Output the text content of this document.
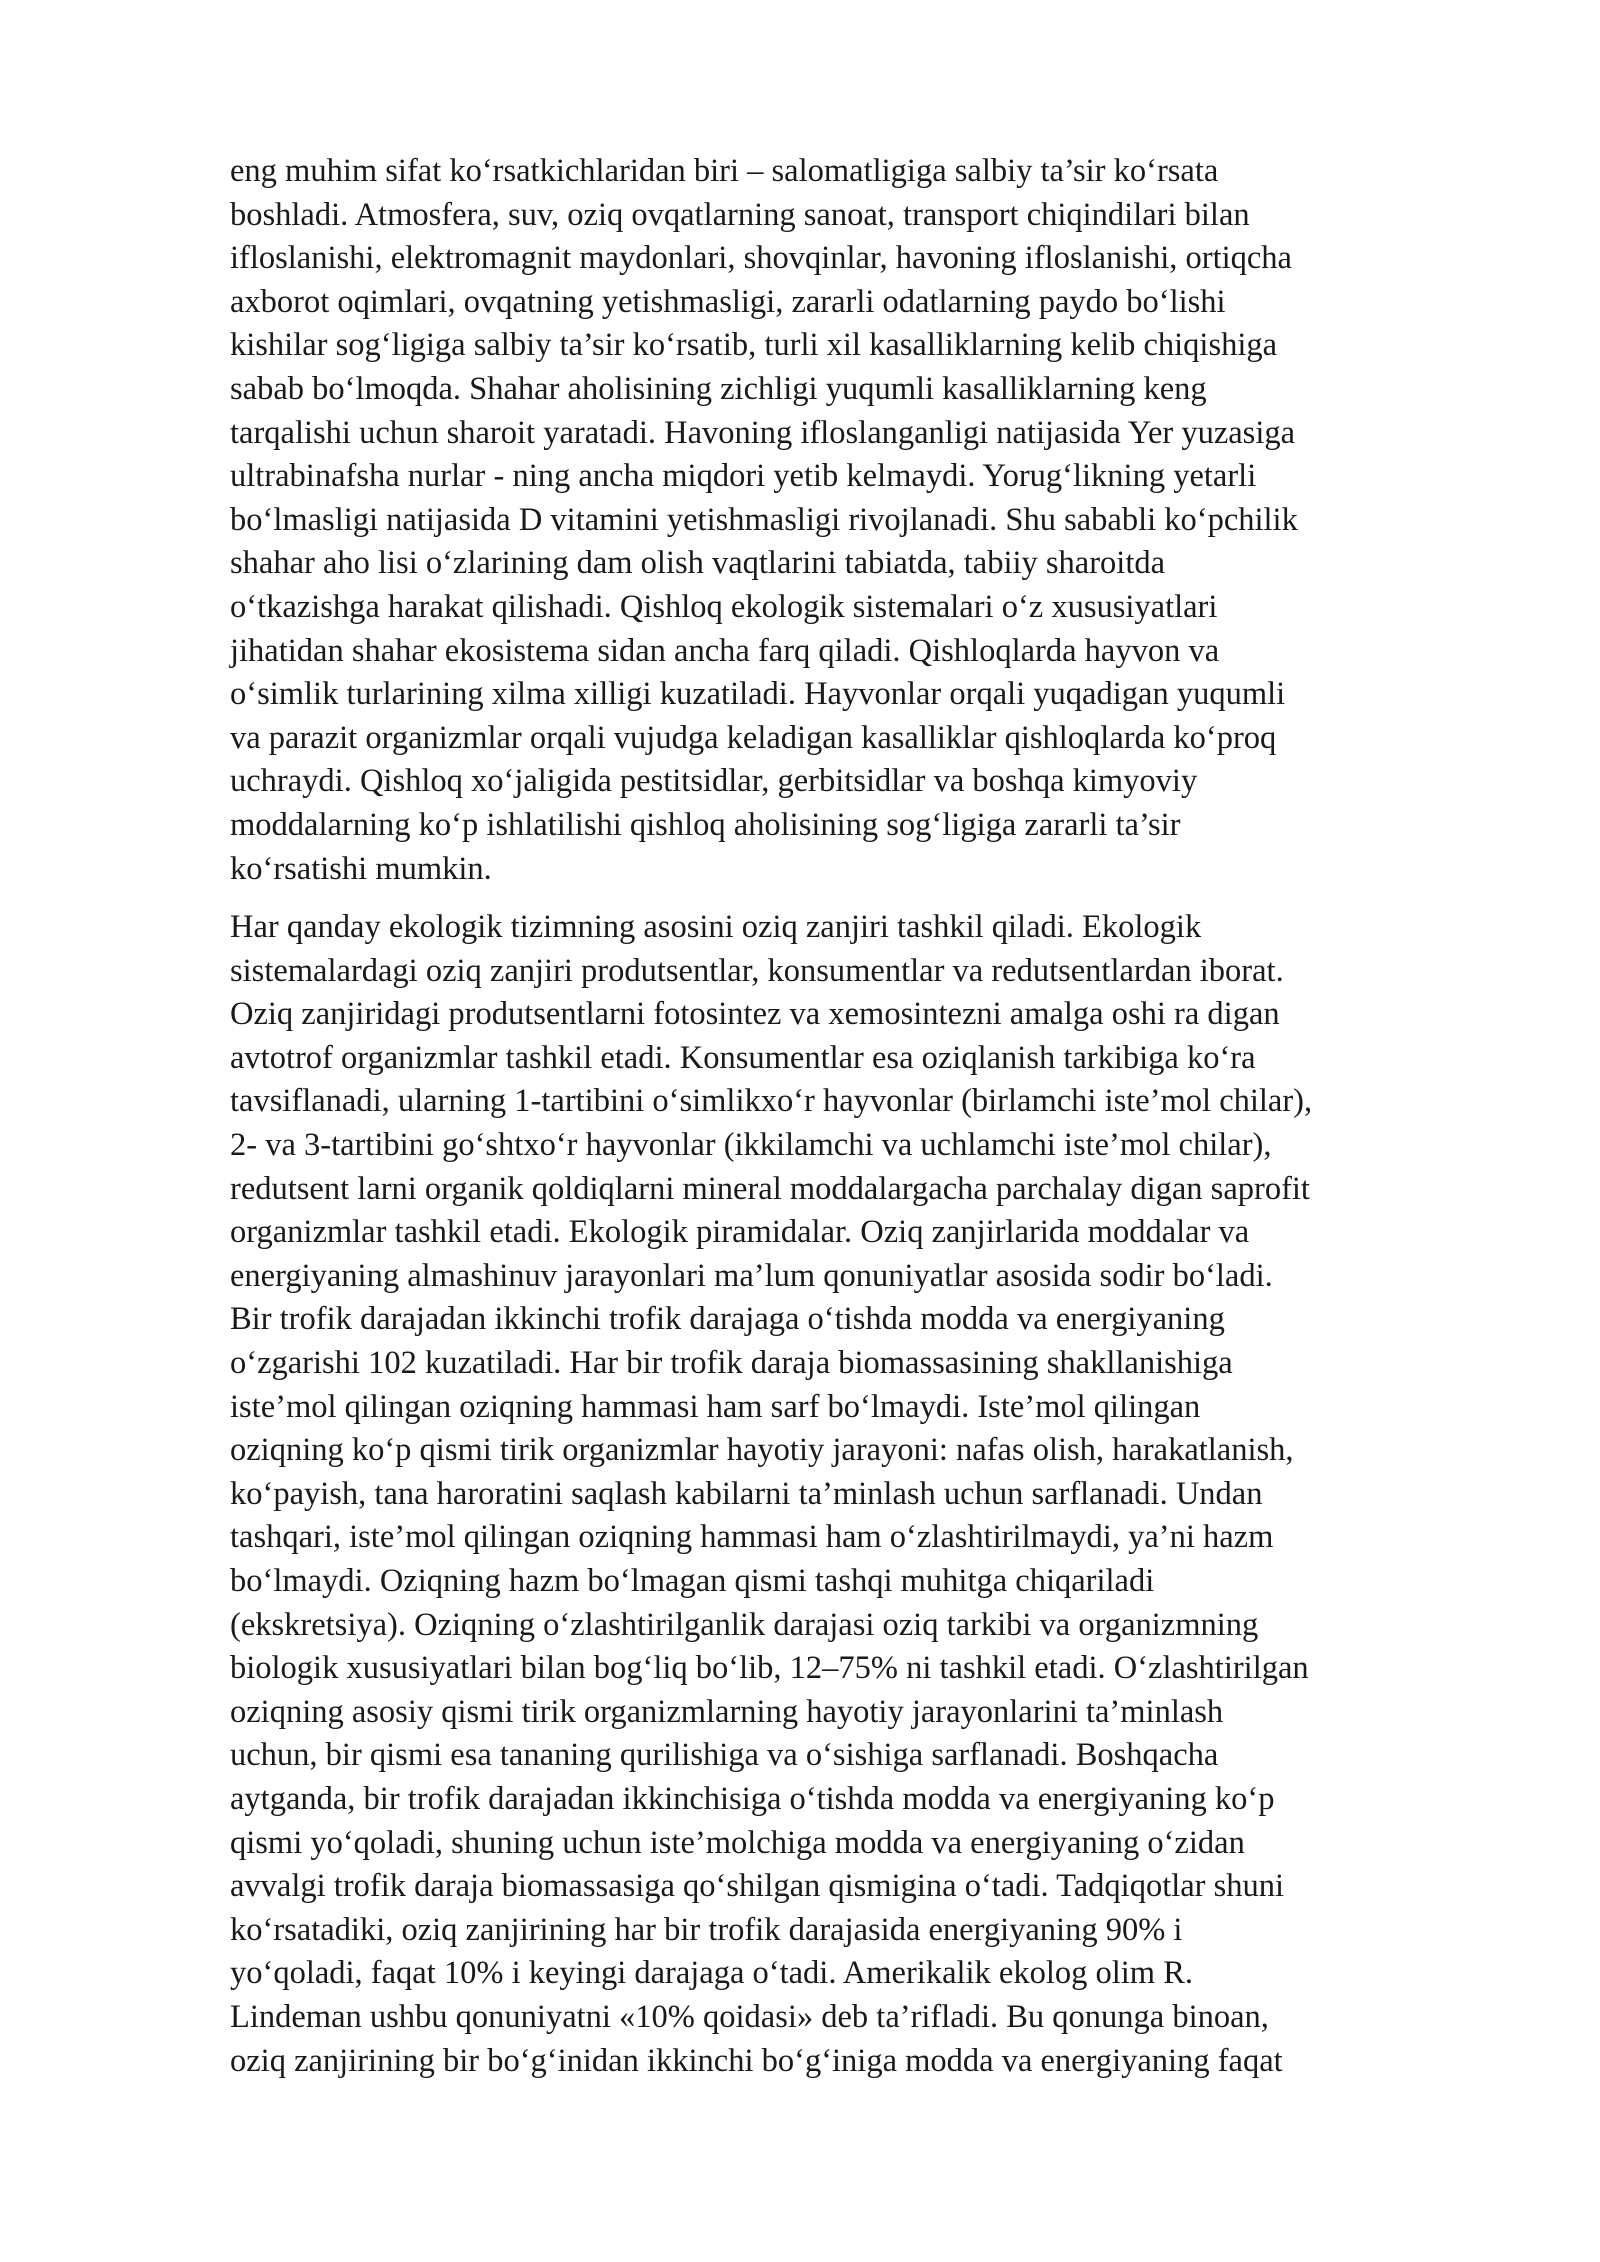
eng muhim sifat ko‘rsatkichlaridan biri – salomatligiga salbiy ta’sir ko‘rsata
boshladi. Atmosfera, suv, oziq ovqatlarning sanoat, transport chiqindilari bilan
ifloslanishi, elektromagnit maydonlari, shovqinlar, havoning ifloslanishi, ortiqcha
axborot oqimlari, ovqatning yetishmasligi, zararli odatlarning paydo bo‘lishi
kishilar sog‘ligiga salbiy ta’sir ko‘rsatib, turli xil kasalliklarning kelib chiqishiga
sabab bo‘lmoqda. Shahar aholisining zichligi yuqumli kasalliklarning keng
tarqalishi uchun sharoit yaratadi. Havoning ifloslanganligi natijasida Yer yuzasiga
ultrabinafsha nurlar - ning ancha miqdori yetib kelmaydi. Yorug‘likning yetarli
bo‘lmasligi natijasida D vitamini yetishmasligi rivojlanadi. Shu sababli ko‘pchilik
shahar aho lisi o‘zlarining dam olish vaqtlarini tabiatda, tabiiy sharoitda
o‘tkazishga harakat qilishadi. Qishloq ekologik sistemalari o‘z xususiyatlari
jihatidan shahar ekosistema sidan ancha farq qiladi. Qishloqlarda hayvon va
o‘simlik turlarining xilma xilligi kuzatiladi. Hayvonlar orqali yuqadigan yuqumli
va parazit organizmlar orqali vujudga keladigan kasalliklar qishloqlarda ko‘proq
uchraydi. Qishloq xo‘jaligida pestitsidlar, gerbitsidlar va boshqa kimyoviy
moddalarning ko‘p ishlatilishi qishloq aholisining sog‘ligiga zararli ta’sir
ko‘rsatishi mumkin.

Har qanday ekologik tizimning asosini oziq zanjiri tashkil qiladi. Ekologik
sistemalardagi oziq zanjiri produtsentlar, konsumentlar va redutsentlardan iborat.
Oziq zanjiridagi produtsentlarni fotosintez va xemosintezni amalga oshi ra digan
avtotrof organizmlar tashkil etadi. Konsumentlar esa oziqlanish tarkibiga ko‘ra
tavsiflanadi, ularning 1-tartibini o‘simlikxo‘r hayvonlar (birlamchi iste’mol chilar),
2- va 3-tartibini go‘shtxo‘r hayvonlar (ikkilamchi va uchlamchi iste’mol chilar),
redutsent larni organik qoldiqlarni mineral moddalargacha parchalay digan saprofit
organizmlar tashkil etadi. Ekologik piramidalar. Oziq zanjirlarida moddalar va
energiyaning almashinuv jarayonlari ma’lum qonuniyatlar asosida sodir bo‘ladi.
Bir trofik darajadan ikkinchi trofik darajaga o‘tishda modda va energiyaning
o‘zgarishi 102 kuzatiladi. Har bir trofik daraja biomassasining shakllanishiga
iste’mol qilingan oziqning hammasi ham sarf bo‘lmaydi. Iste’mol qilingan
oziqning ko‘p qismi tirik organizmlar hayotiy jarayoni: nafas olish, harakatlanish,
ko‘payish, tana haroratini saqlash kabilarni ta’minlash uchun sarflanadi. Undan
tashqari, iste’mol qilingan oziqning hammasi ham o‘zlashtirilmaydi, ya’ni hazm
bo‘lmaydi. Oziqning hazm bo‘lmagan qismi tashqi muhitga chiqariladi
(ekskretsiya). Oziqning o‘zlashtirilganlik darajasi oziq tarkibi va organizmning
biologik xususiyatlari bilan bog‘liq bo‘lib, 12–75% ni tashkil etadi. O‘zlashtirilgan
oziqning asosiy qismi tirik organizmlarning hayotiy jarayonlarini ta’minlash
uchun, bir qismi esa tananing qurilishiga va o‘sishiga sarflanadi. Boshqacha
aytganda, bir trofik darajadan ikkinchisiga o‘tishda modda va energiyaning ko‘p
qismi yo‘qoladi, shuning uchun iste’molchiga modda va energiyaning o‘zidan
avvalgi trofik daraja biomassasiga qo‘shilgan qismigina o‘tadi. Tadqiqotlar shuni
ko‘rsatadiki, oziq zanjirining har bir trofik darajasida energiyaning 90% i
yo‘qoladi, faqat 10% i keyingi darajaga o‘tadi. Amerikalik ekolog olim R.
Lindeman ushbu qonuniyatni «10% qoidasi» deb ta’rifladi. Bu qonunga binoan,
oziq zanjirining bir bo‘g‘inidan ikkinchi bo‘g‘iniga modda va energiyaning faqat
